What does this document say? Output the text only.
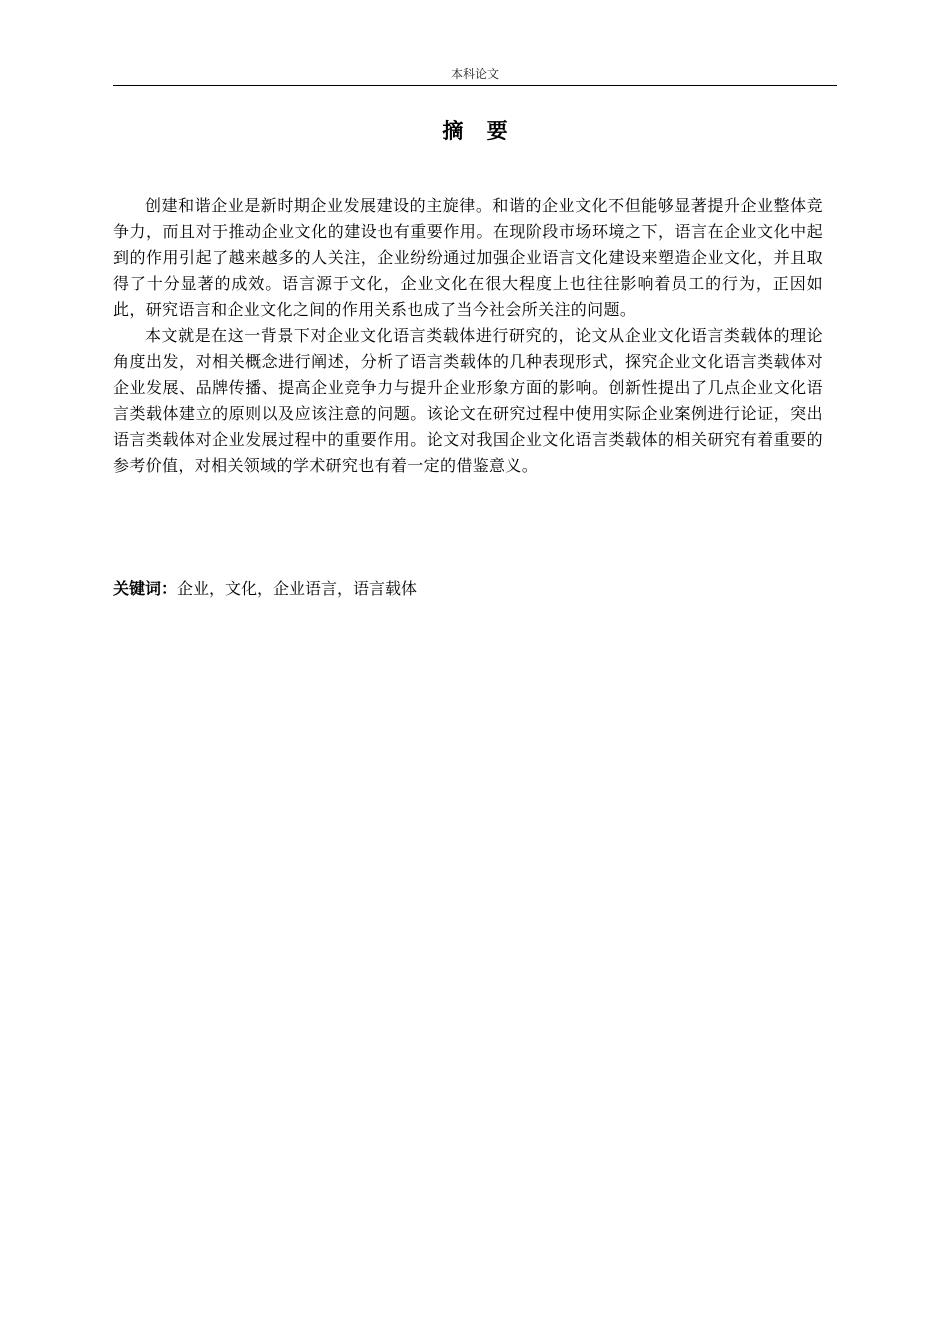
本科论文
摘 要

创建和谐企业是新时期企业发展建设的主旋律。和谐的企业文化不但能够显著提升企业整体竞争力，而且对于推动企业文化的建设也有重要作用。在现阶段市场环境之下，语言在企业文化中起到的作用引起了越来越多的人关注，企业纷纷通过加强企业语言文化建设来塑造企业文化，并且取得了十分显著的成效。语言源于文化，企业文化在很大程度上也往往影响着员工的行为，正因如此，研究语言和企业文化之间的作用关系也成了当今社会所关注的问题。

本文就是在这一背景下对企业文化语言类载体进行研究的，论文从企业文化语言类载体的理论角度出发，对相关概念进行阐述，分析了语言类载体的几种表现形式，探究企业文化语言类载体对企业发展、品牌传播、提高企业竞争力与提升企业形象方面的影响。创新性提出了几点企业文化语言类载体建立的原则以及应该注意的问题。该论文在研究过程中使用实际企业案例进行论证，突出语言类载体对企业发展过程中的重要作用。论文对我国企业文化语言类载体的相关研究有着重要的参考价值，对相关领域的学术研究也有着一定的借鉴意义。

关键词：企业，文化，企业语言，语言载体
